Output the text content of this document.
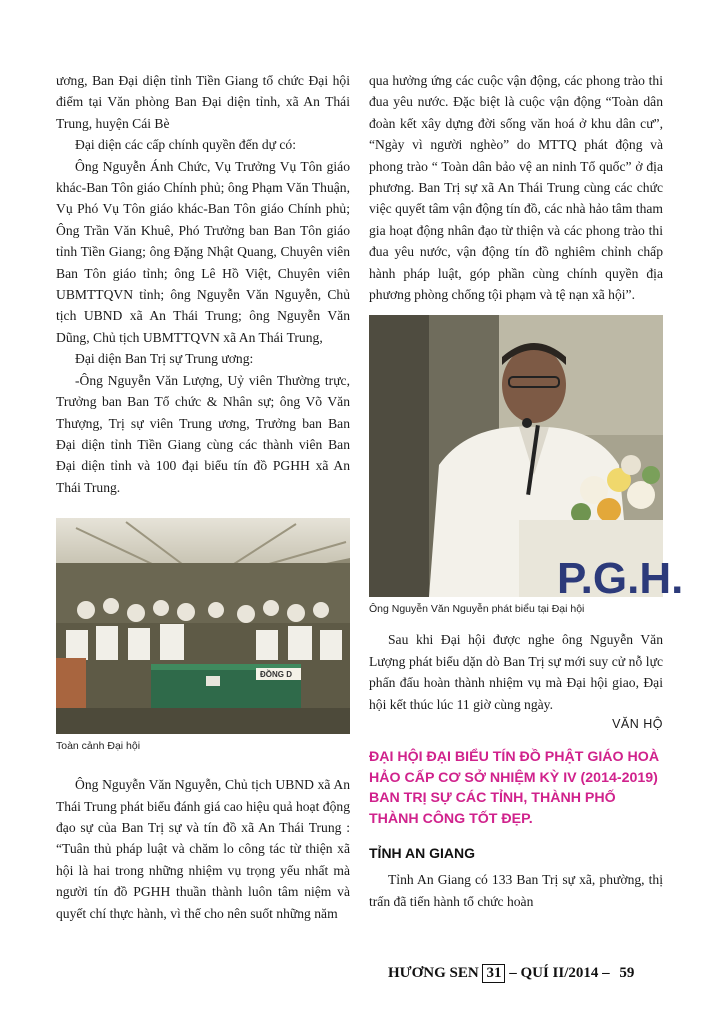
ương, Ban Đại diện tỉnh Tiền Giang tổ chức Đại hội điểm tại Văn phòng Ban Đại diện tỉnh, xã An Thái Trung, huyện Cái Bè

Đại diện các cấp chính quyền đến dự có:

Ông Nguyễn Ánh Chức, Vụ Trưởng Vụ Tôn giáo khác-Ban Tôn giáo Chính phủ; ông Phạm Văn Thuận, Vụ Phó Vụ Tôn giáo khác-Ban Tôn giáo Chính phủ; Ông Trần Văn Khuê, Phó Trưởng ban Ban Tôn giáo tỉnh Tiền Giang; ông Đặng Nhật Quang, Chuyên viên Ban Tôn giáo tỉnh; ông Lê Hồ Việt, Chuyên viên UBMTTQVN tỉnh; ông Nguyễn Văn Nguyễn, Chủ tịch UBND xã An Thái Trung; ông Nguyễn Văn Dũng, Chủ tịch UBMTTQVN xã An Thái Trung,

Đại diện Ban Trị sự Trung ương:

-Ông Nguyễn Văn Lượng, Uỷ viên Thường trực, Trưởng ban Ban Tổ chức & Nhân sự; ông Võ Văn Thượng, Trị sự viên Trung ương, Trưởng ban Ban Đại diện tỉnh Tiền Giang cùng các thành viên Ban Đại diện tỉnh và 100 đại biểu tín đồ PGHH xã An Thái Trung.

ĐỒNG D
Toàn cảnh Đại hội

Ông Nguyễn Văn Nguyễn, Chủ tịch UBND xã An Thái Trung phát biểu đánh giá cao hiệu quả hoạt động đạo sự của Ban Trị sự và tín đồ xã An Thái Trung : “Tuân thủ pháp luật và chăm lo công tác từ thiện xã hội là hai trong những nhiệm vụ trọng yếu nhất mà người tín đồ PGHH thuần thành luôn tâm niệm và quyết chí thực hành, vì thế cho nên suốt những năm

qua hưởng ứng các cuộc vận động, các phong trào thi đua yêu nước. Đặc biệt là cuộc vận động “Toàn dân đoàn kết xây dựng đời sống văn hoá ở khu dân cư”, “Ngày vì người nghèo” do MTTQ phát động và phong trào “ Toàn dân bảo vệ an ninh Tổ quốc” ở địa phương. Ban Trị sự xã An Thái Trung cùng các chức việc quyết tâm vận động tín đồ, các nhà hảo tâm tham gia hoạt động nhân đạo từ thiện và các phong trào thi đua yêu nước, vận động tín đồ nghiêm chỉnh chấp hành pháp luật, góp phần cùng chính quyền địa phương phòng chống tội phạm và tệ nạn xã hội”.

P.G.H.
Ông Nguyễn Văn Nguyễn phát biểu tại Đại hội

Sau khi Đại hội được nghe ông Nguyễn Văn Lượng phát biểu dặn dò Ban Trị sự mới suy cử nỗ lực phấn đấu hoàn thành nhiệm vụ mà Đại hội giao, Đại hội kết thúc lúc 11 giờ cùng ngày.

VĂN HỘ
ĐẠI HỘI ĐẠI BIỂU TÍN ĐỒ PHẬT GIÁO HOÀ HẢO CẤP CƠ SỞ NHIỆM KỲ IV (2014-2019) BAN TRỊ SỰ CÁC TỈNH, THÀNH PHỐ THÀNH CÔNG TỐT ĐẸP.
TỈNH AN GIANG

Tỉnh An Giang có 133 Ban Trị sự xã, phường, thị trấn đã tiến hành tổ chức hoàn

HƯƠNG SEN 31 – QUÍ II/2014 – 59
